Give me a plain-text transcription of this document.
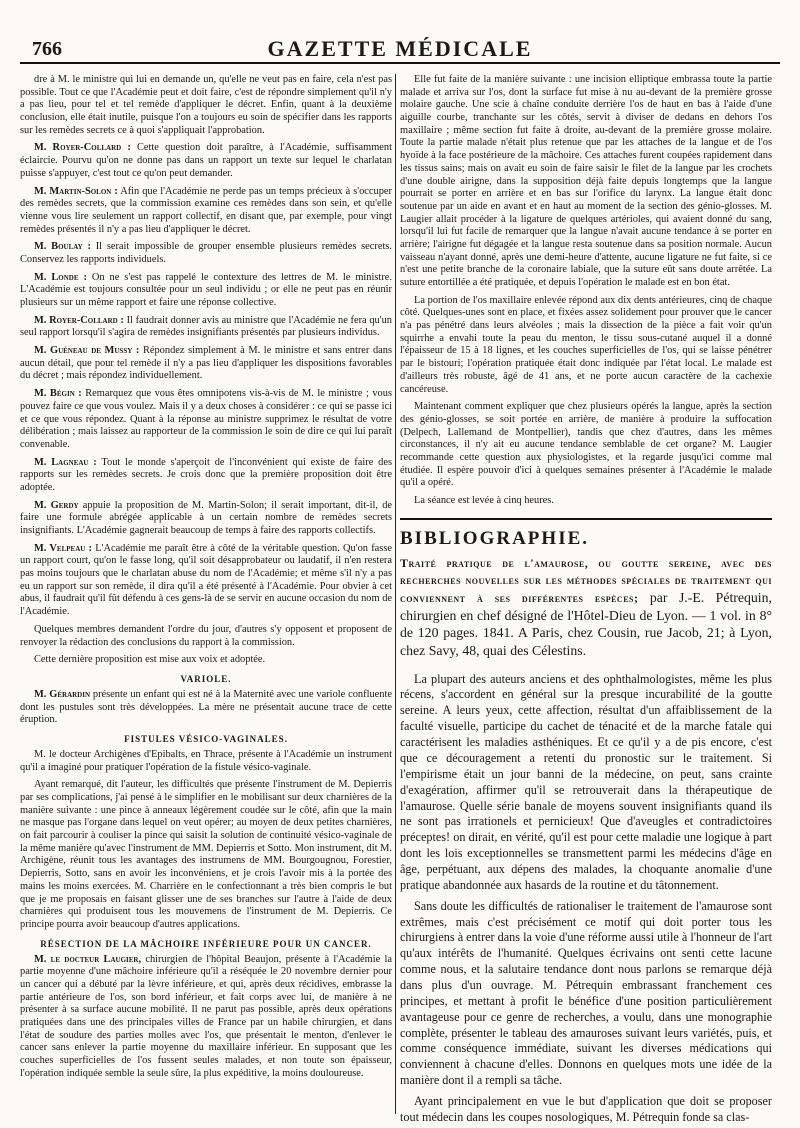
766	GAZETTE MÉDICALE

dre à M. le ministre qui lui en demande un, qu'elle ne veut pas en faire, cela n'est pas possible. Tout ce que l'Académie peut et doit faire, c'est de répondre simplement qu'il n'y a pas lieu, pour tel et tel remède d'appliquer le décret. Enfin, quant à la deuxième conclusion, elle était inutile, puisque l'on a toujours eu soin de spécifier dans les rapports sur les remèdes secrets ce à quoi s'appliquait l'approbation.

M. Royer-Collard : Cette question doit paraître, à l'Académie, suffisamment éclaircie. Pourvu qu'on ne donne pas dans un rapport un texte sur lequel le charlatan puisse s'appuyer, c'est tout ce qu'on peut demander.

M. Martin-Solon : Afin que l'Académie ne perde pas un temps précieux à s'occuper des remèdes secrets, que la commission examine ces remèdes dans son sein, et qu'elle vienne vous lire seulement un rapport collectif, en disant que, par exemple, pour vingt remèdes présentés il n'y a pas lieu d'appliquer le décret.

M. Boulay : Il serait impossible de grouper ensemble plusieurs remèdes secrets. Conservez les rapports individuels.

M. Londe : On ne s'est pas rappelé le contexture des lettres de M. le ministre. L'Académie est toujours consultée pour un seul individu ; or elle ne peut pas en réunir plusieurs sur un même rapport et faire une réponse collective.

M. Royer-Collard : Il faudrait donner avis au ministre que l'Académie ne fera qu'un seul rapport lorsqu'il s'agira de remèdes insignifiants présentés par plusieurs individus.

M. Guéneau de Mussy : Répondez simplement à M. le ministre et sans entrer dans aucun détail, que pour tel remède il n'y a pas lieu d'appliquer les dispositions favorables du décret ; mais répondez individuellement.

M. Bégin : Remarquez que vous êtes omnipotens vis-à-vis de M. le ministre ; vous pouvez faire ce que vous voulez. Mais il y a deux choses à considérer : ce qui se passe ici et ce que vous répondez. Quant à la réponse au ministre supprimez le résultat de votre délibération ; mais laissez au rapporteur de la commission le soin de dire ce qui lui paraît convenable.

M. Lagneau : Tout le monde s'aperçoit de l'inconvénient qui existe de faire des rapports sur les remèdes secrets. Je crois donc que la première proposition doit être adoptée.

M. Gerdy appuie la proposition de M. Martin-Solon; il serait important, dit-il, de faire une formule abrégée applicable à un certain nombre de remèdes secrets insignifiants. L'Académie gagnerait beaucoup de temps à faire des rapports collectifs.

M. Velpeau : L'Académie me paraît être à côté de la véritable question. Qu'on fasse un rapport court, qu'on le fasse long, qu'il soit désapprobateur ou laudatif, il n'en restera pas moins toujours que le charlatan abuse du nom de l'Académie; et même s'il n'y a pas eu un rapport sur son remède, il dira qu'il a été présenté à l'Académie. Pour obvier à cet abus, il faudrait qu'il fût défendu à ces gens-là de se servir en aucune occasion du nom de l'Académie.

Quelques membres demandent l'ordre du jour, d'autres s'y opposent et proposent de renvoyer la rédaction des conclusions du rapport à la commission.

Cette dernière proposition est mise aux voix et adoptée.

VARIOLE.

M. Gérardin présente un enfant qui est né à la Maternité avec une variole confluente dont les pustules sont très développées. La mère ne présentait aucune trace de cette éruption.

FISTULES VÉSICO-VAGINALES.

M. le docteur Archigènes d'Epibalts, en Thrace, présente à l'Académie un instrument qu'il a imaginé pour pratiquer l'opération de la fistule vésico-vaginale.

Ayant remarqué, dit l'auteur, les difficultés que présente l'instrument de M. Depierris par ses complications, j'ai pensé à le simplifier en le mobilisant sur deux charnières de la manière suivante : une pince à anneaux légèrement coudée sur le côté, afin que la main ne masque pas l'organe dans lequel on veut opérer; au moyen de deux petites charnières, on fait parcourir à couliser la pince qui saisit la solution de continuité vésico-vaginale de la même manière qu'avec l'instrument de MM. Depierris et Sotto. Mon instrument, dit M. Archigène, réunit tous les avantages des instrumens de MM. Bourgougnou, Forestier, Depierris, Sotto, sans en avoir les inconvéniens, et je crois l'avoir mis à la portée des mains les moins exercées. M. Charrière en le confectionnant a très bien compris le but que je me proposais en faisant glisser une de ses branches sur l'autre à l'aide de deux charnières qui produisent tous les mouvemens de l'instrument de M. Depierris. Ce principe pourra avoir beaucoup d'autres applications.

RÉSECTION DE LA MÂCHOIRE INFÉRIEURE POUR UN CANCER.

M. le docteur Laugier, chirurgien de l'hôpital Beaujon, présente à l'Académie la partie moyenne d'une mâchoire inférieure qu'il a réséquée le 20 novembre dernier pour un cancer qui a débuté par la lèvre inférieure, et qui, après deux récidives, embrasse la partie antérieure de l'os, son bord inférieur, et fait corps avec lui, de manière à ne présenter à sa surface aucune mobilité. Il ne parut pas possible, après deux opérations pratiquées dans une des principales villes de France par un habile chirurgien, et dans l'état de soudure des parties molles avec l'os, que présentait le menton, d'enlever le cancer sans enlever la partie moyenne du maxillaire inférieur. En supposant que les couches superficielles de l'os fussent seules malades, et non toute son épaisseur, l'opération indiquée semble la seule sûre, la plus expéditive, la moins douloureuse.

Elle fut faite de la manière suivante : une incision elliptique embrassa toute la partie malade et arriva sur l'os, dont la surface fut mise à nu au-devant de la première grosse molaire gauche. Une scie à chaîne conduite derrière l'os de haut en bas à l'aide d'une aiguille courbe, tranchante sur les côtés, servit à diviser de dedans en dehors l'os maxillaire ; même section fut faite à droite, au-devant de la première grosse molaire. Toute la partie malade n'était plus retenue que par les attaches de la langue et de l'os hyoïde à la face postérieure de la mâchoire. Ces attaches furent coupées rapidement dans les tissus sains; mais on avait eu soin de faire saisir le filet de la langue par les crochets d'une double airigne, dans la supposition déjà faite depuis longtemps que la langue pourrait se porter en arrière et en bas sur l'orifice du larynx. La langue était donc soutenue par un aide en avant et en haut au moment de la section des génio-glosses. M. Laugier allait procéder à la ligature de quelques artérioles, qui avaient donné du sang, lorsqu'il lui fut facile de remarquer que la langue n'avait aucune tendance à se porter en arrière; l'airigne fut dégagée et la langue resta soutenue dans sa position normale. Aucun vaisseau n'ayant donné, après une demi-heure d'attente, aucune ligature ne fut faite, si ce n'est une petite branche de la coronaire labiale, que la suture eût sans doute arrêtée. La suture entortillée a été pratiquée, et depuis l'opération le malade est en bon état.

La portion de l'os maxillaire enlevée répond aux dix dents antérieures, cinq de chaque côté. Quelques-unes sont en place, et fixées assez solidement pour prouver que le cancer n'a pas pénétré dans leurs alvéoles ; mais la dissection de la pièce a fait voir qu'un squirrhe a envahi toute la peau du menton, le tissu sous-cutané auquel il a donné l'épaisseur de 15 à 18 lignes, et les couches superficielles de l'os, qui se laisse pénétrer par le bistouri; l'opération pratiquée était donc indiquée par l'état local. Le malade est d'ailleurs très robuste, âgé de 41 ans, et ne porte aucun caractère de la cachexie cancéreuse.

Maintenant comment expliquer que chez plusieurs opérés la langue, après la section des génio-glosses, se soit portée en arrière, de manière à produire la suffocation (Delpech, Lallemand de Montpellier), tandis que chez d'autres, dans les mêmes circonstances, il n'y ait eu aucune tendance semblable de cet organe? M. Laugier recommande cette question aux physiologistes, et la regarde jusqu'ici comme mal étudiée. Il espère pouvoir d'ici à quelques semaines présenter à l'Académie le malade qu'il a opéré.

La séance est levée à cinq heures.

BIBLIOGRAPHIE.
Traité pratique de l'amaurose, ou goutte sereine, avec des recherches nouvelles sur les méthodes spéciales de traitement qui conviennent à ses différentes espèces; par J.-E. Pétrequin, chirurgien en chef désigné de l'Hôtel-Dieu de Lyon. — 1 vol. in 8° de 120 pages. 1841. A Paris, chez Cousin, rue Jacob, 21; à Lyon, chez Savy, 48, quai des Célestins.

La plupart des auteurs anciens et des ophthalmologistes, même les plus récens, s'accordent en général sur la presque incurabilité de la goutte sereine. A leurs yeux, cette affection, résultat d'un affaiblissement de la faculté visuelle, participe du cachet de ténacité et de la marche fatale qui caractérisent les maladies asthéniques. Et ce qu'il y a de pis encore, c'est que ce découragement a retenti du pronostic sur le traitement. Si l'empirisme était un jour banni de la médecine, on peut, sans crainte d'exagération, affirmer qu'il se retrouverait dans la thérapeutique de l'amaurose. Quelle série banale de moyens souvent insignifiants quand ils ne sont pas irrationels et pernicieux! Que d'aveugles et contradictoires préceptes! on dirait, en vérité, qu'il est pour cette maladie une logique à part dont les lois exceptionnelles se transmettent parmi les médecins d'âge en âge, perpétuant, aux dépens des malades, la choquante anomalie d'une pratique abandonnée aux hasards de la routine et du tâtonnement.

Sans doute les difficultés de rationaliser le traitement de l'amaurose sont extrêmes, mais c'est précisément ce motif qui doit porter tous les chirurgiens à entrer dans la voie d'une réforme aussi utile à l'honneur de l'art qu'aux intérêts de l'humanité. Quelques écrivains ont senti cette lacune comme nous, et la salutaire tendance dont nous parlons se remarque déjà dans plus d'un ouvrage. M. Pétrequin embrassant franchement ces principes, et mettant à profit le bénéfice d'une position particulièrement avantageuse pour ce genre de recherches, a voulu, dans une monographie complète, présenter le tableau des amauroses suivant leurs variétés, puis, et comme conséquence immédiate, suivant les diverses médications qui conviennent à chacune d'elles. Donnons en quelques mots une idée de la manière dont il a rempli sa tâche.

Ayant principalement en vue le but d'application que doit se proposer tout médecin dans les coupes nosologiques, M. Pétrequin fonde sa clas-
